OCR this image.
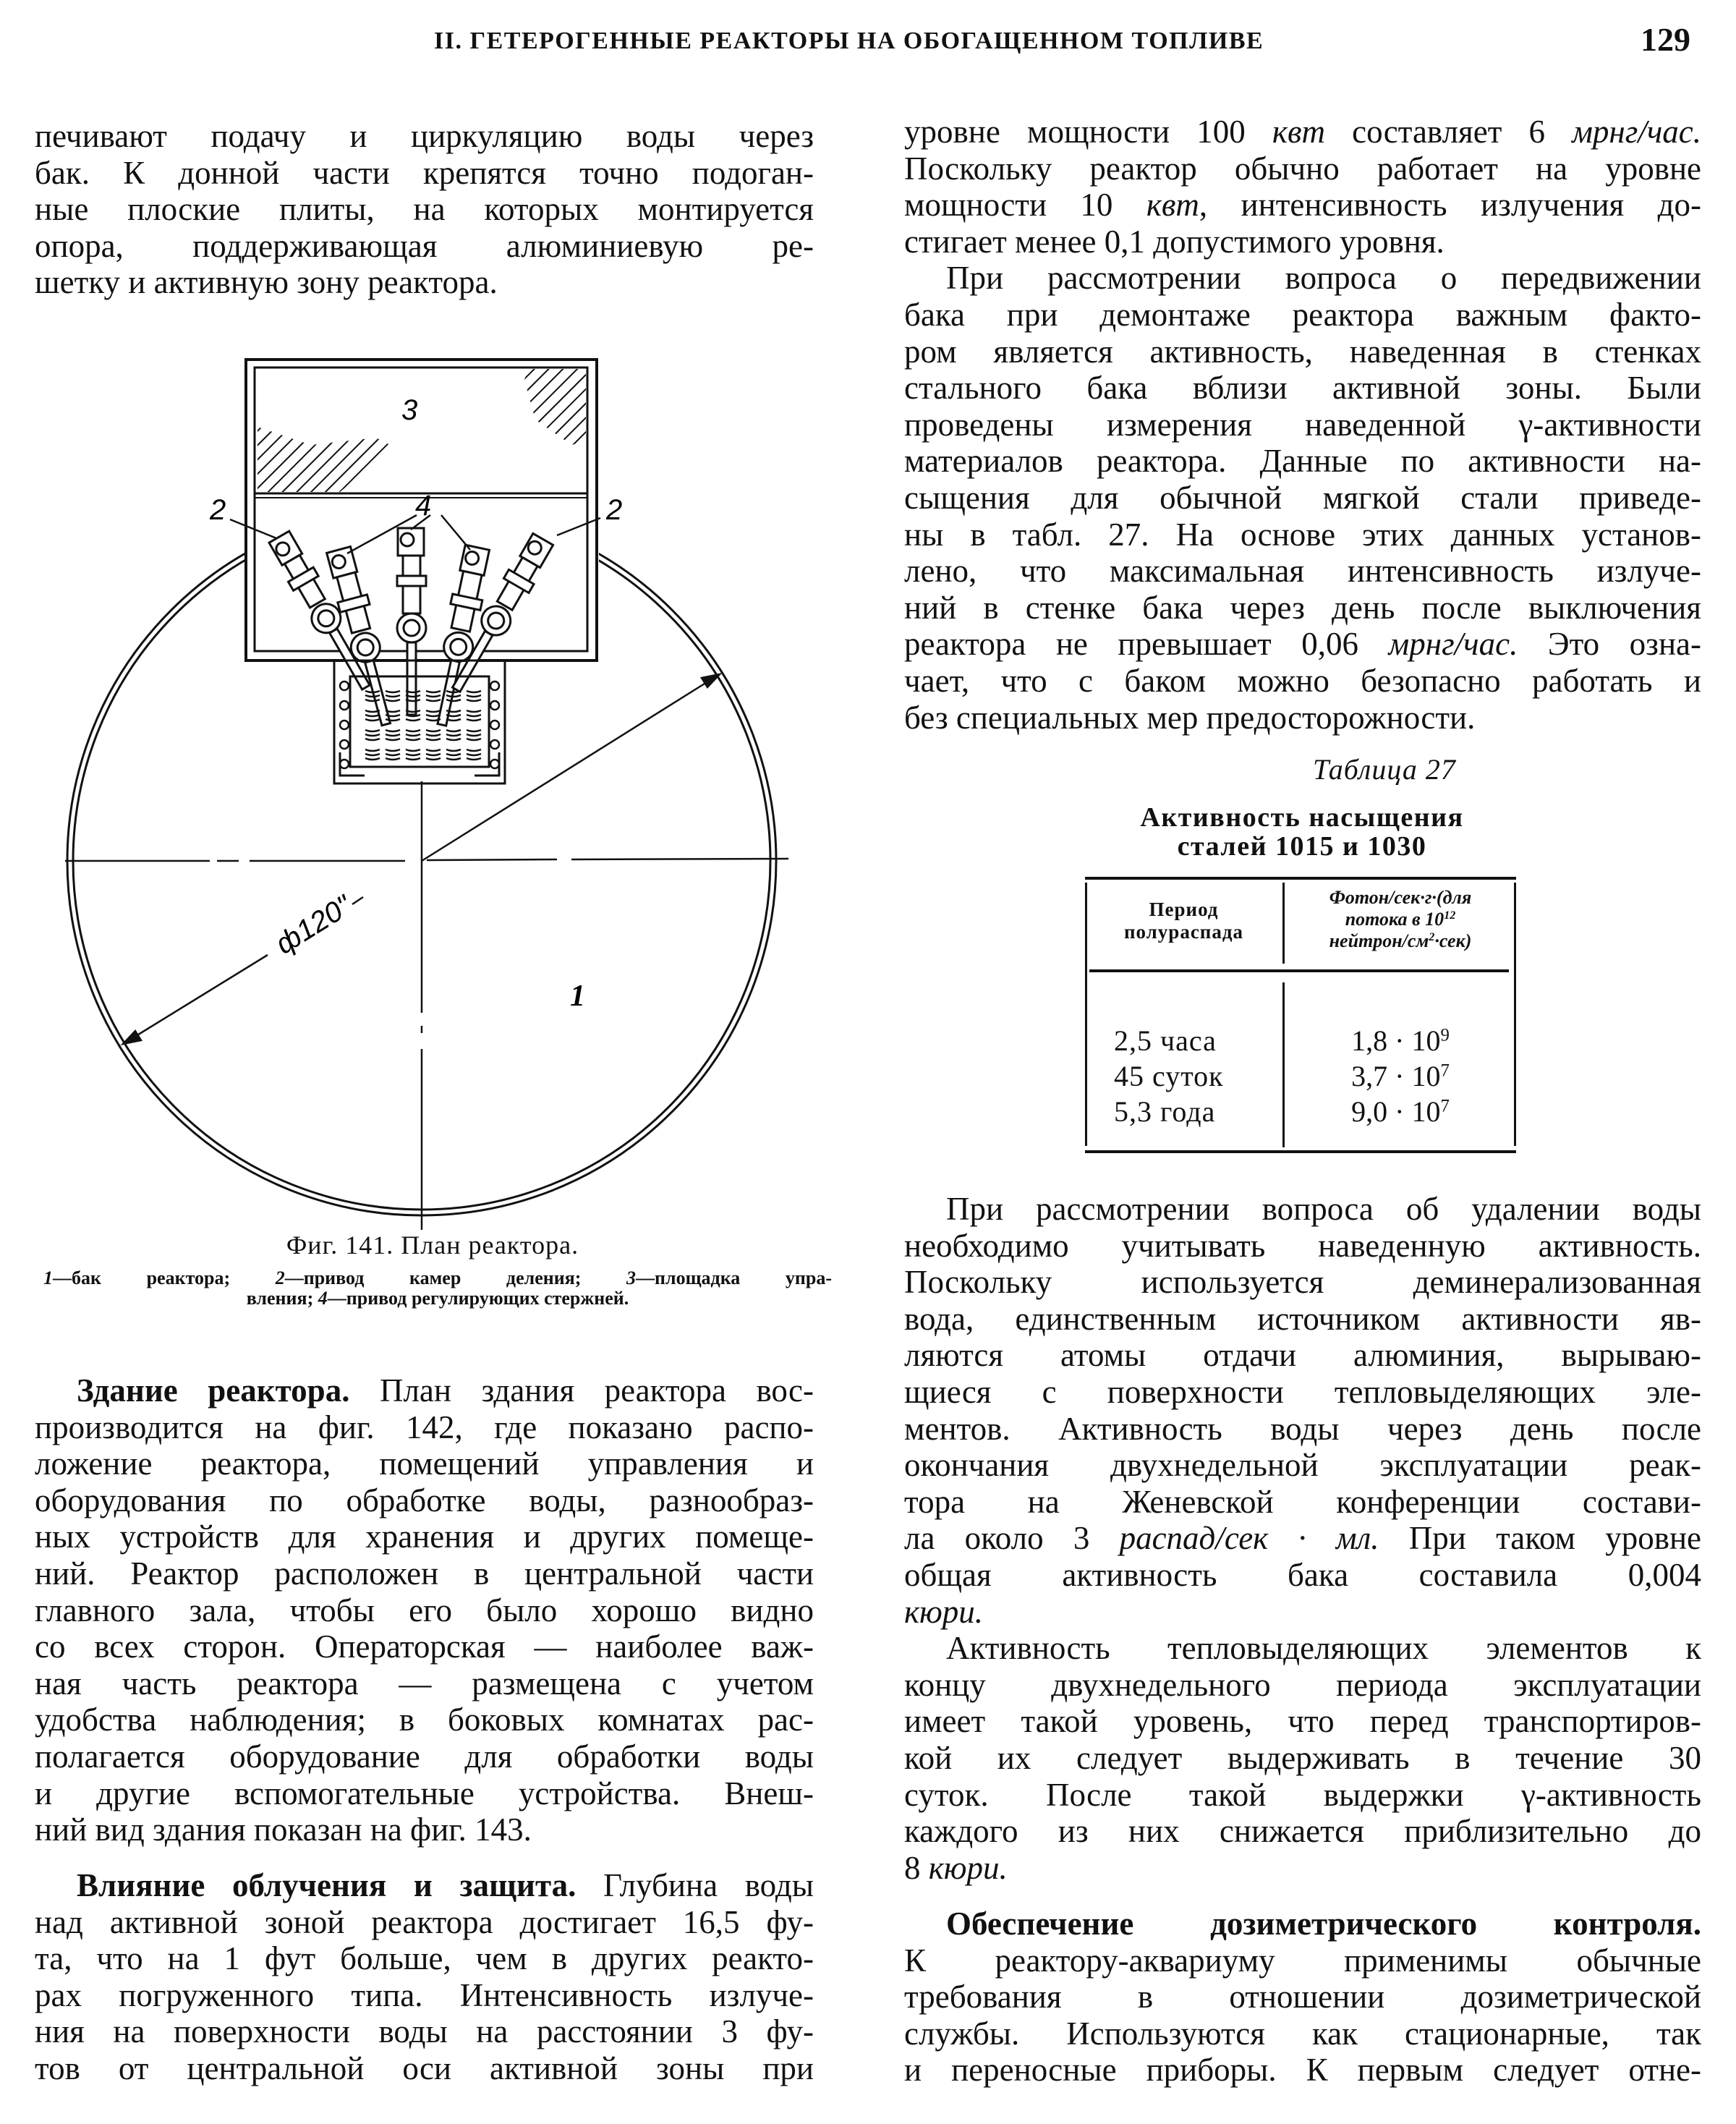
II. ГЕТЕРОГЕННЫЕ РЕАКТОРЫ НА ОБОГАЩЕННОМ ТОПЛИВЕ	129
печивают подачу и циркуляцию воды через
бак. К донной части крепятся точно подоган-
ные плоские плиты, на которых монтируется
опора, поддерживающая алюминиевую ре-
шетку и активную зону реактора.
ф120"
1
3
2	2
4
Фиг. 141. План реактора.
1—бак реактора; 2—привод камер деления; 3—площадка упра-
вления; 4—привод регулирующих стержней.
Здание реактора. План здания реактора вос-
производится на фиг. 142, где показано распо-
ложение реактора, помещений управления и
оборудования по обработке воды, разнообраз-
ных устройств для хранения и других помеще-
ний. Реактор расположен в центральной части
главного зала, чтобы его было хорошо видно
со всех сторон. Операторская — наиболее важ-
ная часть реактора — размещена с учетом
удобства наблюдения; в боковых комнатах рас-
полагается оборудование для обработки воды
и другие вспомогательные устройства. Внеш-
ний вид здания показан на фиг. 143.
Влияние облучения и защита. Глубина воды
над активной зоной реактора достигает 16,5 фу-
та, что на 1 фут больше, чем в других реакто-
рах погруженного типа. Интенсивность излуче-
ния на поверхности воды на расстоянии 3 фу-
тов от центральной оси активной зоны при
уровне мощности 100 квт составляет 6 мрнг/час.
Поскольку реактор обычно работает на уровне
мощности 10 квт, интенсивность излучения до-
стигает менее 0,1 допустимого уровня.
При рассмотрении вопроса о передвижении
бака при демонтаже реактора важным факто-
ром является активность, наведенная в стенках
стального бака вблизи активной зоны. Были
проведены измерения наведенной γ-активности
материалов реактора. Данные по активности на-
сыщения для обычной мягкой стали приведе-
ны в табл. 27. На основе этих данных установ-
лено, что максимальная интенсивность излуче-
ний в стенке бака через день после выключения
реактора не превышает 0,06 мрнг/час. Это озна-
чает, что с баком можно безопасно работать и
без специальных мер предосторожности.
Таблица 27
Активность насыщения
сталей 1015 и 1030
Период
полураспада
Фотон/сек·г·(для
потока в $10^{12}$
нейтрон/$см^2\cdot сек$)
2,5 часа
45 суток
5,3 года
$1,8 \cdot 10^9$
$3,7 \cdot 10^7$
$9,0 \cdot 10^7$
При рассмотрении вопроса об удалении воды
необходимо учитывать наведенную активность.
Поскольку используется деминерализованная
вода, единственным источником активности яв-
ляются атомы отдачи алюминия, вырываю-
щиеся с поверхности тепловыделяющих эле-
ментов. Активность воды через день после
окончания двухнедельной эксплуатации реак-
тора на Женевской конференции состави-
ла около 3 распад/сек · мл. При таком уровне
общая активность бака составила 0,004
кюри.
Активность тепловыделяющих элементов к
концу двухнедельного периода эксплуатации
имеет такой уровень, что перед транспортиров-
кой их следует выдерживать в течение 30
суток. После такой выдержки γ-активность
каждого из них снижается приблизительно до
8 кюри.
Обеспечение дозиметрического контроля.
К реактору-аквариуму применимы обычные
требования в отношении дозиметрической
службы. Используются как стационарные, так
и переносные приборы. К первым следует отне-
